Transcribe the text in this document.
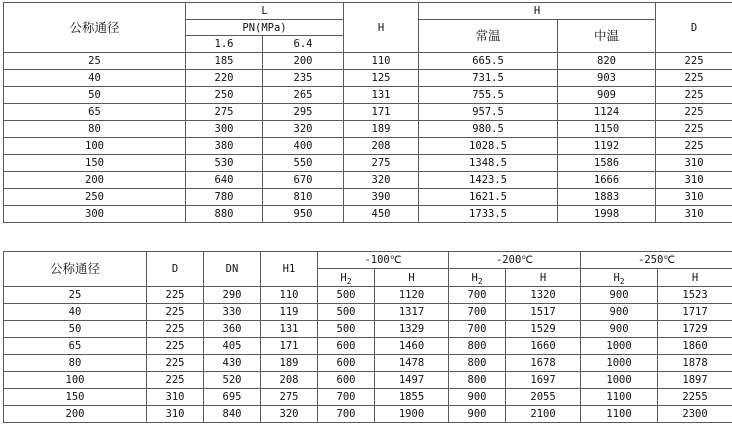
公称通径	L		H	H		D
	PN(MPa)			常温	中温	
	1.6	6.4				
25	185	200	110	665.5	820	225
40	220	235	125	731.5	903	225
50	250	265	131	755.5	909	225
65	275	295	171	957.5	1124	225
80	300	320	189	980.5	1150	225
100	380	400	208	1028.5	1192	225
150	530	550	275	1348.5	1586	310
200	640	670	320	1423.5	1666	310
250	780	810	390	1621.5	1883	310
300	880	950	450	1733.5	1998	310
公称通径	D	DN	H1	-100℃		-200℃		-250℃	
				$H_2$	H	$H_2$	H	$H_2$	H
25	225	290	110	500	1120	700	1320	900	1523
40	225	330	119	500	1317	700	1517	900	1717
50	225	360	131	500	1329	700	1529	900	1729
65	225	405	171	600	1460	800	1660	1000	1860
80	225	430	189	600	1478	800	1678	1000	1878
100	225	520	208	600	1497	800	1697	1000	1897
150	310	695	275	700	1855	900	2055	1100	2255
200	310	840	320	700	1900	900	2100	1100	2300
